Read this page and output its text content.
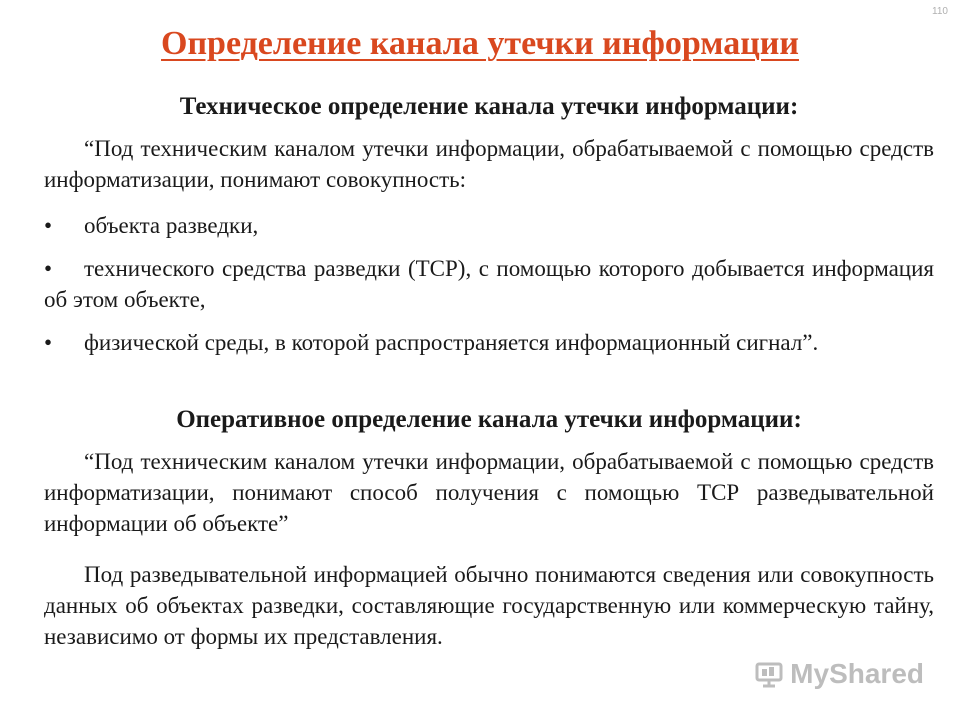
110
Определение канала утечки информации
Техническое определение канала утечки информации:
“Под техническим каналом утечки информации, обрабатываемой с помощью средств информатизации, понимают совокупность:
• объекта разведки,
• технического средства разведки (ТСР), с помощью которого добывается информация об этом объекте,
• физической среды, в которой распространяется информационный сигнал”.
Оперативное определение канала утечки информации:
“Под техническим каналом утечки информации, обрабатываемой с помощью средств информатизации, понимают способ получения с помощью ТСР разведывательной информации об объекте”
Под разведывательной информацией обычно понимаются сведения или совокупность данных об объектах разведки, составляющие государственную или коммерческую тайну, независимо от формы их представления.
MyShared
